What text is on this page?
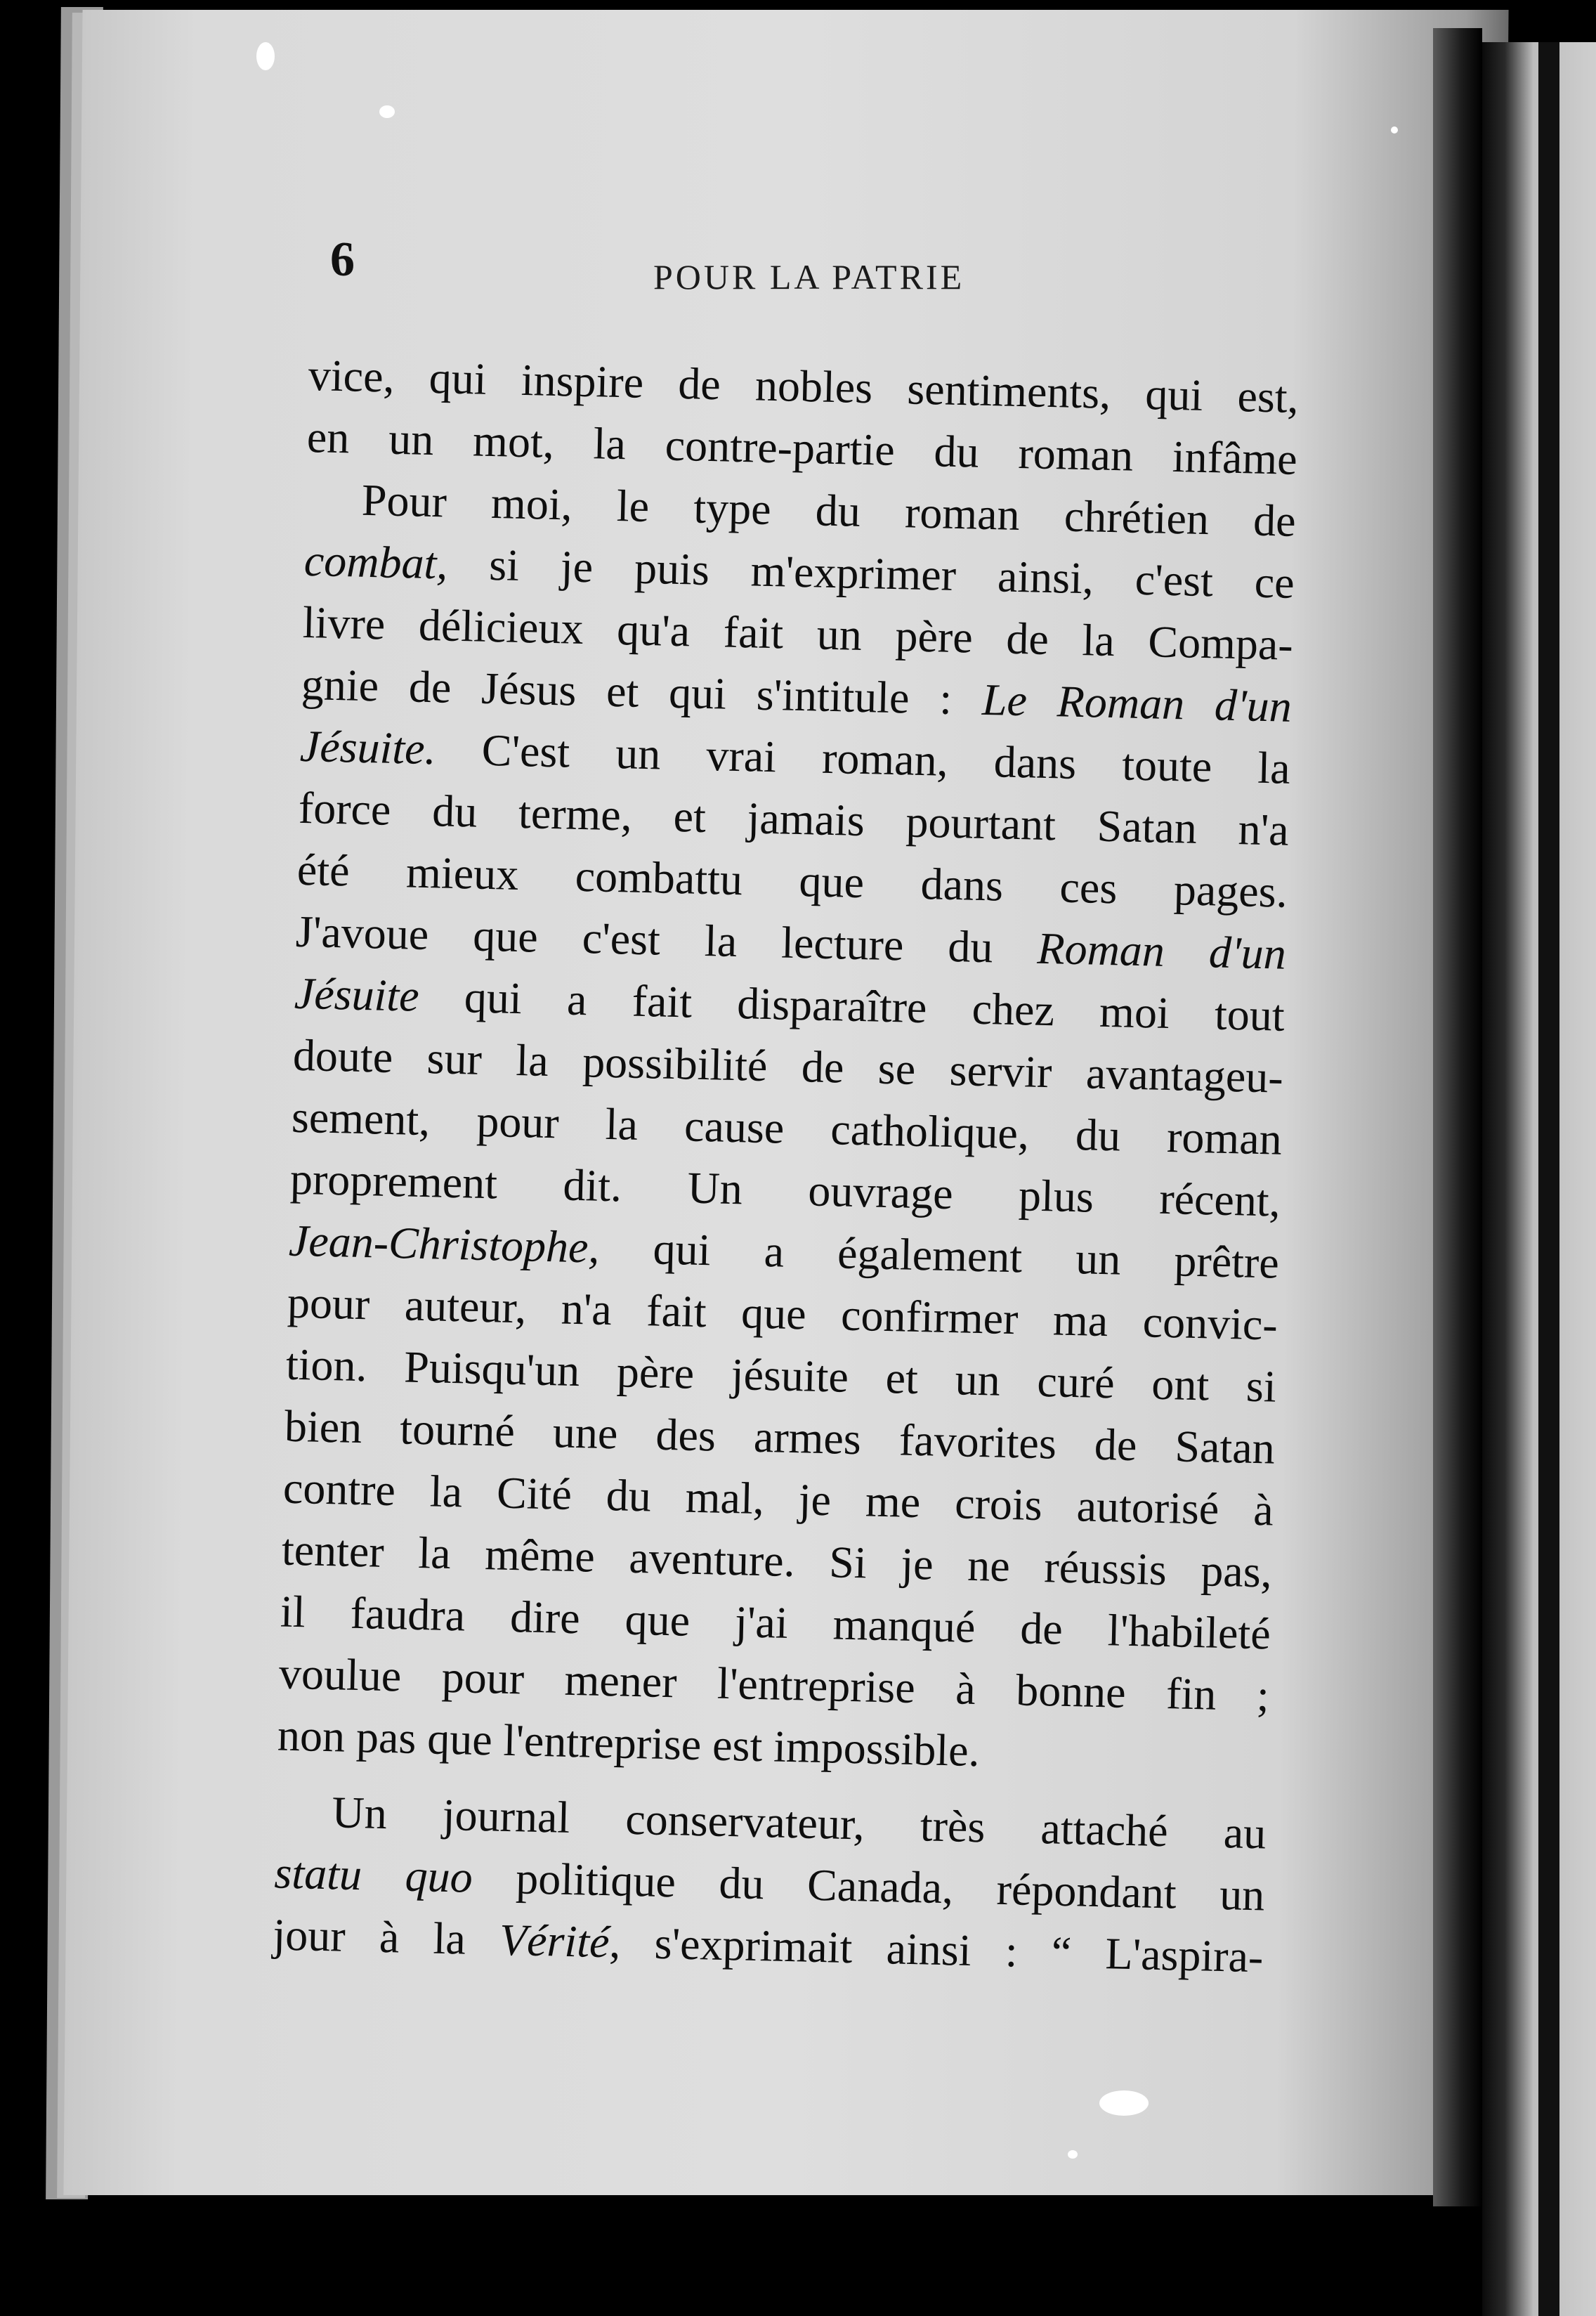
6	POUR LA PATRIE
vice, qui inspire de nobles sentiments, qui est,
en un mot, la contre-partie du roman infâme
Pour moi, le type du roman chrétien de
combat, si je puis m'exprimer ainsi, c'est ce
livre délicieux qu'a fait un père de la Compa-
gnie de Jésus et qui s'intitule : Le Roman d'un
Jésuite. C'est un vrai roman, dans toute la
force du terme, et jamais pourtant Satan n'a
été mieux combattu que dans ces pages.
J'avoue que c'est la lecture du Roman d'un
Jésuite qui a fait disparaître chez moi tout
doute sur la possibilité de se servir avantageu-
sement, pour la cause catholique, du roman
proprement dit. Un ouvrage plus récent,
Jean-Christophe, qui a également un prêtre
pour auteur, n'a fait que confirmer ma convic-
tion. Puisqu'un père jésuite et un curé ont si
bien tourné une des armes favorites de Satan
contre la Cité du mal, je me crois autorisé à
tenter la même aventure. Si je ne réussis pas,
il faudra dire que j'ai manqué de l'habileté
voulue pour mener l'entreprise à bonne fin ;
non pas que l'entreprise est impossible.
Un journal conservateur, très attaché au
statu quo politique du Canada, répondant un
jour à la Vérité, s'exprimait ainsi : “ L'aspira-
